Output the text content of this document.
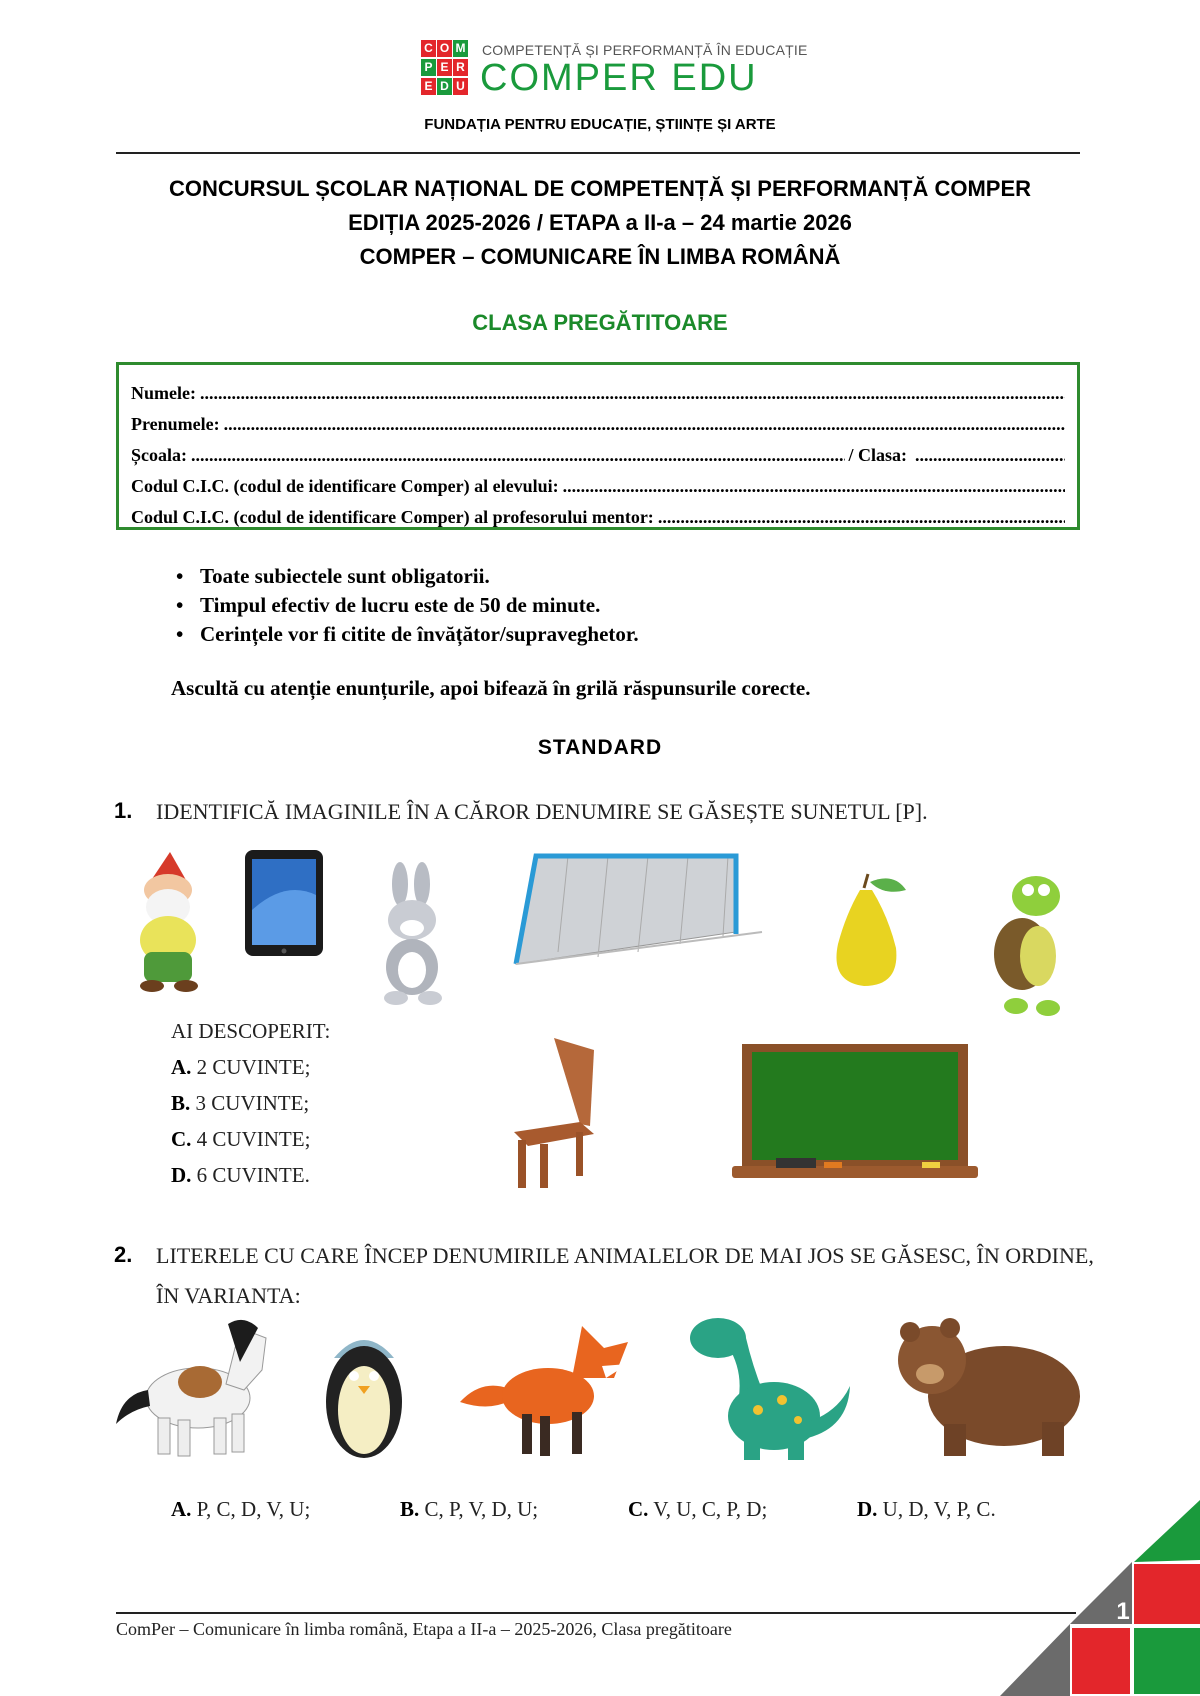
C O M
P E R
E D U
COMPETENȚĂ ȘI PERFORMANȚĂ ÎN EDUCAȚIE
COMPER EDU
FUNDAȚIA PENTRU EDUCAȚIE, ȘTIINȚE ȘI ARTE
CONCURSUL ȘCOLAR NAȚIONAL DE COMPETENȚĂ ȘI PERFORMANȚĂ COMPER
EDIȚIA 2025-2026 / ETAPA a II-a – 24 martie 2026
COMPER – COMUNICARE ÎN LIMBA ROMÂNĂ
CLASA PREGĂTITOARE
Numele:
.....
Prenumele:
.....
Școala:
.....	/ Clasa:
.....
Codul C.I.C. (codul de identificare Comper) al elevului:
.....
Codul C.I.C. (codul de identificare Comper) al profesorului mentor:
.....
• Toate subiectele sunt obligatorii.
• Timpul efectiv de lucru este de 50 de minute.
• Cerințele vor fi citite de învățător/supraveghetor.
Ascultă cu atenție enunțurile, apoi bifează în grilă răspunsurile corecte.
STANDARD
1. IDENTIFICĂ IMAGINILE ÎN A CĂROR DENUMIRE SE GĂSEȘTE SUNETUL [P].
AI DESCOPERIT:
A. 2 CUVINTE;
B. 3 CUVINTE;
C. 4 CUVINTE;
D. 6 CUVINTE.
2. LITERELE CU CARE ÎNCEP DENUMIRILE ANIMALELOR DE MAI JOS SE GĂSESC, ÎN ORDINE, ÎN VARIANTA:
A. P, C, D, V, U;	B. C, P, V, D, U;	C. V, U, C, P, D;	D. U, D, V, P, C.
ComPer – Comunicare în limba română, Etapa a II-a – 2025-2026, Clasa pregătitoare
1
